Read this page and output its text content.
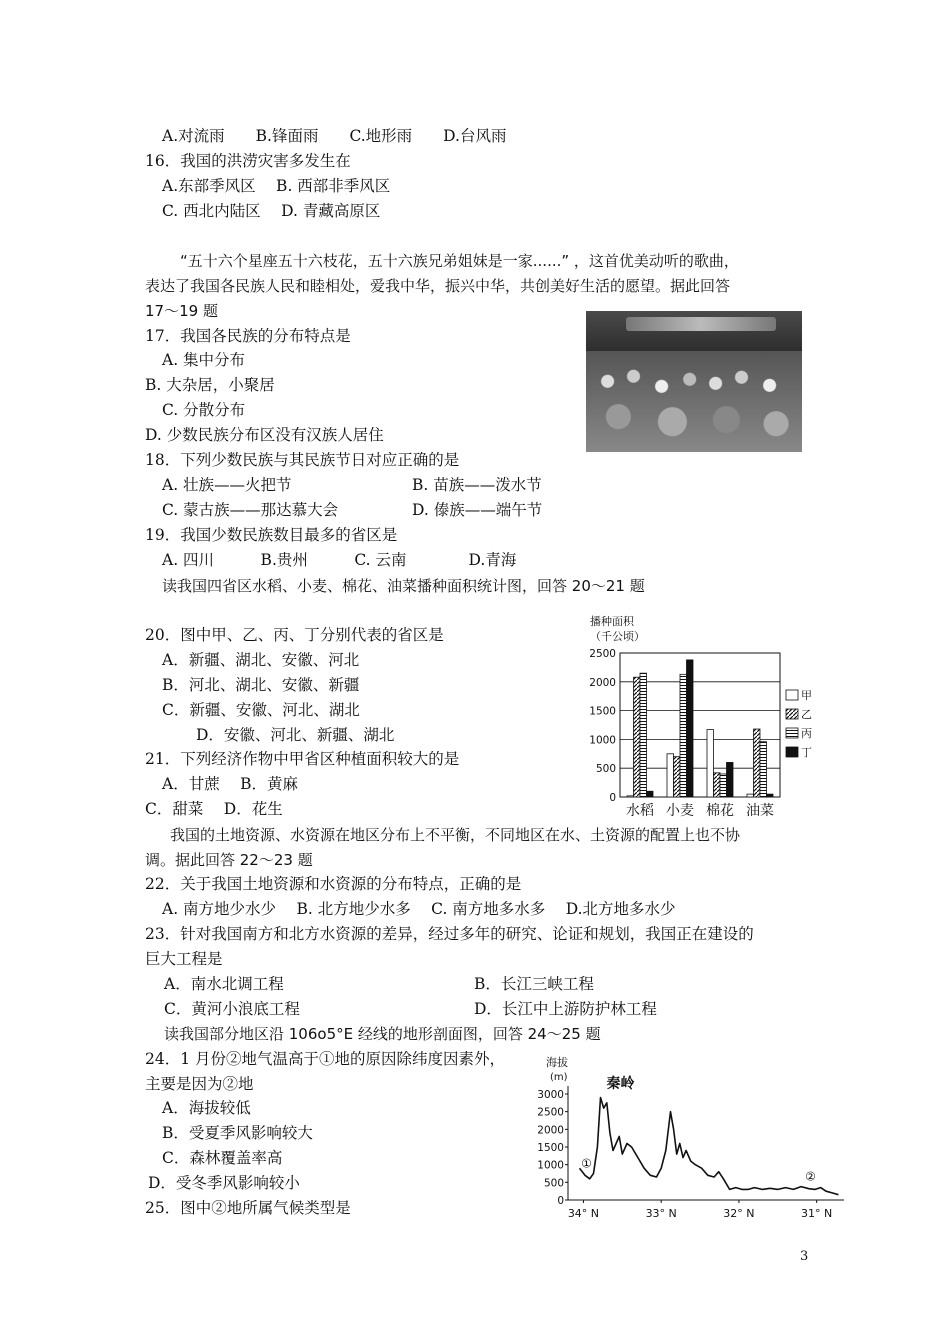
A.对流雨　　B.锋面雨　　C.地形雨　　D.台风雨
16．我国的洪涝灾害多发生在
A.东部季风区　 B. 西部非季风区
C. 西北内陆区　 D. 青藏高原区
“五十六个星座五十六枝花，五十六族兄弟姐妹是一家......” ，这首优美动听的歌曲，
表达了我国各民族人民和睦相处，爱我中华，振兴中华，共创美好生活的愿望。据此回答
17～19 题
17．我国各民族的分布特点是
A. 集中分布
B. 大杂居，小聚居
C. 分散分布
D. 少数民族分布区没有汉族人居住
18．下列少数民族与其民族节日对应正确的是
A. 壮族——火把节	B. 苗族——泼水节
C. 蒙古族——那达慕大会	D. 傣族——端午节
19．我国少数民族数目最多的省区是
A. 四川　　　B.贵州　　　C. 云南　　　　D.青海
读我国四省区水稻、小麦、棉花、油菜播种面积统计图，回答 20～21 题
20．图中甲、乙、丙、丁分别代表的省区是
A．新疆、湖北、安徽、河北
B．河北、湖北、安徽、新疆
C．新疆、安徽、河北、湖北
D．安徽、河北、新疆、湖北
21．下列经济作物中甲省区种植面积较大的是
A．甘蔗　 B．黄麻
C．甜菜　 D．花生
播种面积
（千公顷）
0
500
1000
1500
2000
2500
水稻 小麦 棉花 油菜
甲
乙
丙
丁
我国的土地资源、水资源在地区分布上不平衡，不同地区在水、土资源的配置上也不协
调。据此回答 22～23 题
22．关于我国土地资源和水资源的分布特点，正确的是
A. 南方地少水少　 B. 北方地少水多　 C. 南方地多水多　 D.北方地多水少
23．针对我国南方和北方水资源的差异，经过多年的研究、论证和规划，我国正在建设的
巨大工程是
A．南水北调工程	B．长江三峡工程
C．黄河小浪底工程	D．长江中上游防护林工程
读我国部分地区沿 106o5°E 经线的地形剖面图，回答 24～25 题
24．1 月份②地气温高于①地的原因除纬度因素外，
主要是因为②地
A．海拔较低
B．受夏季风影响较大
C．森林覆盖率高
D．受冬季风影响较小
25．图中②地所属气候类型是
海拔
(m)
0
500
1000
1500
2000
2500
3000
34° N	33° N	32° N	31° N
秦岭
①
②
3
